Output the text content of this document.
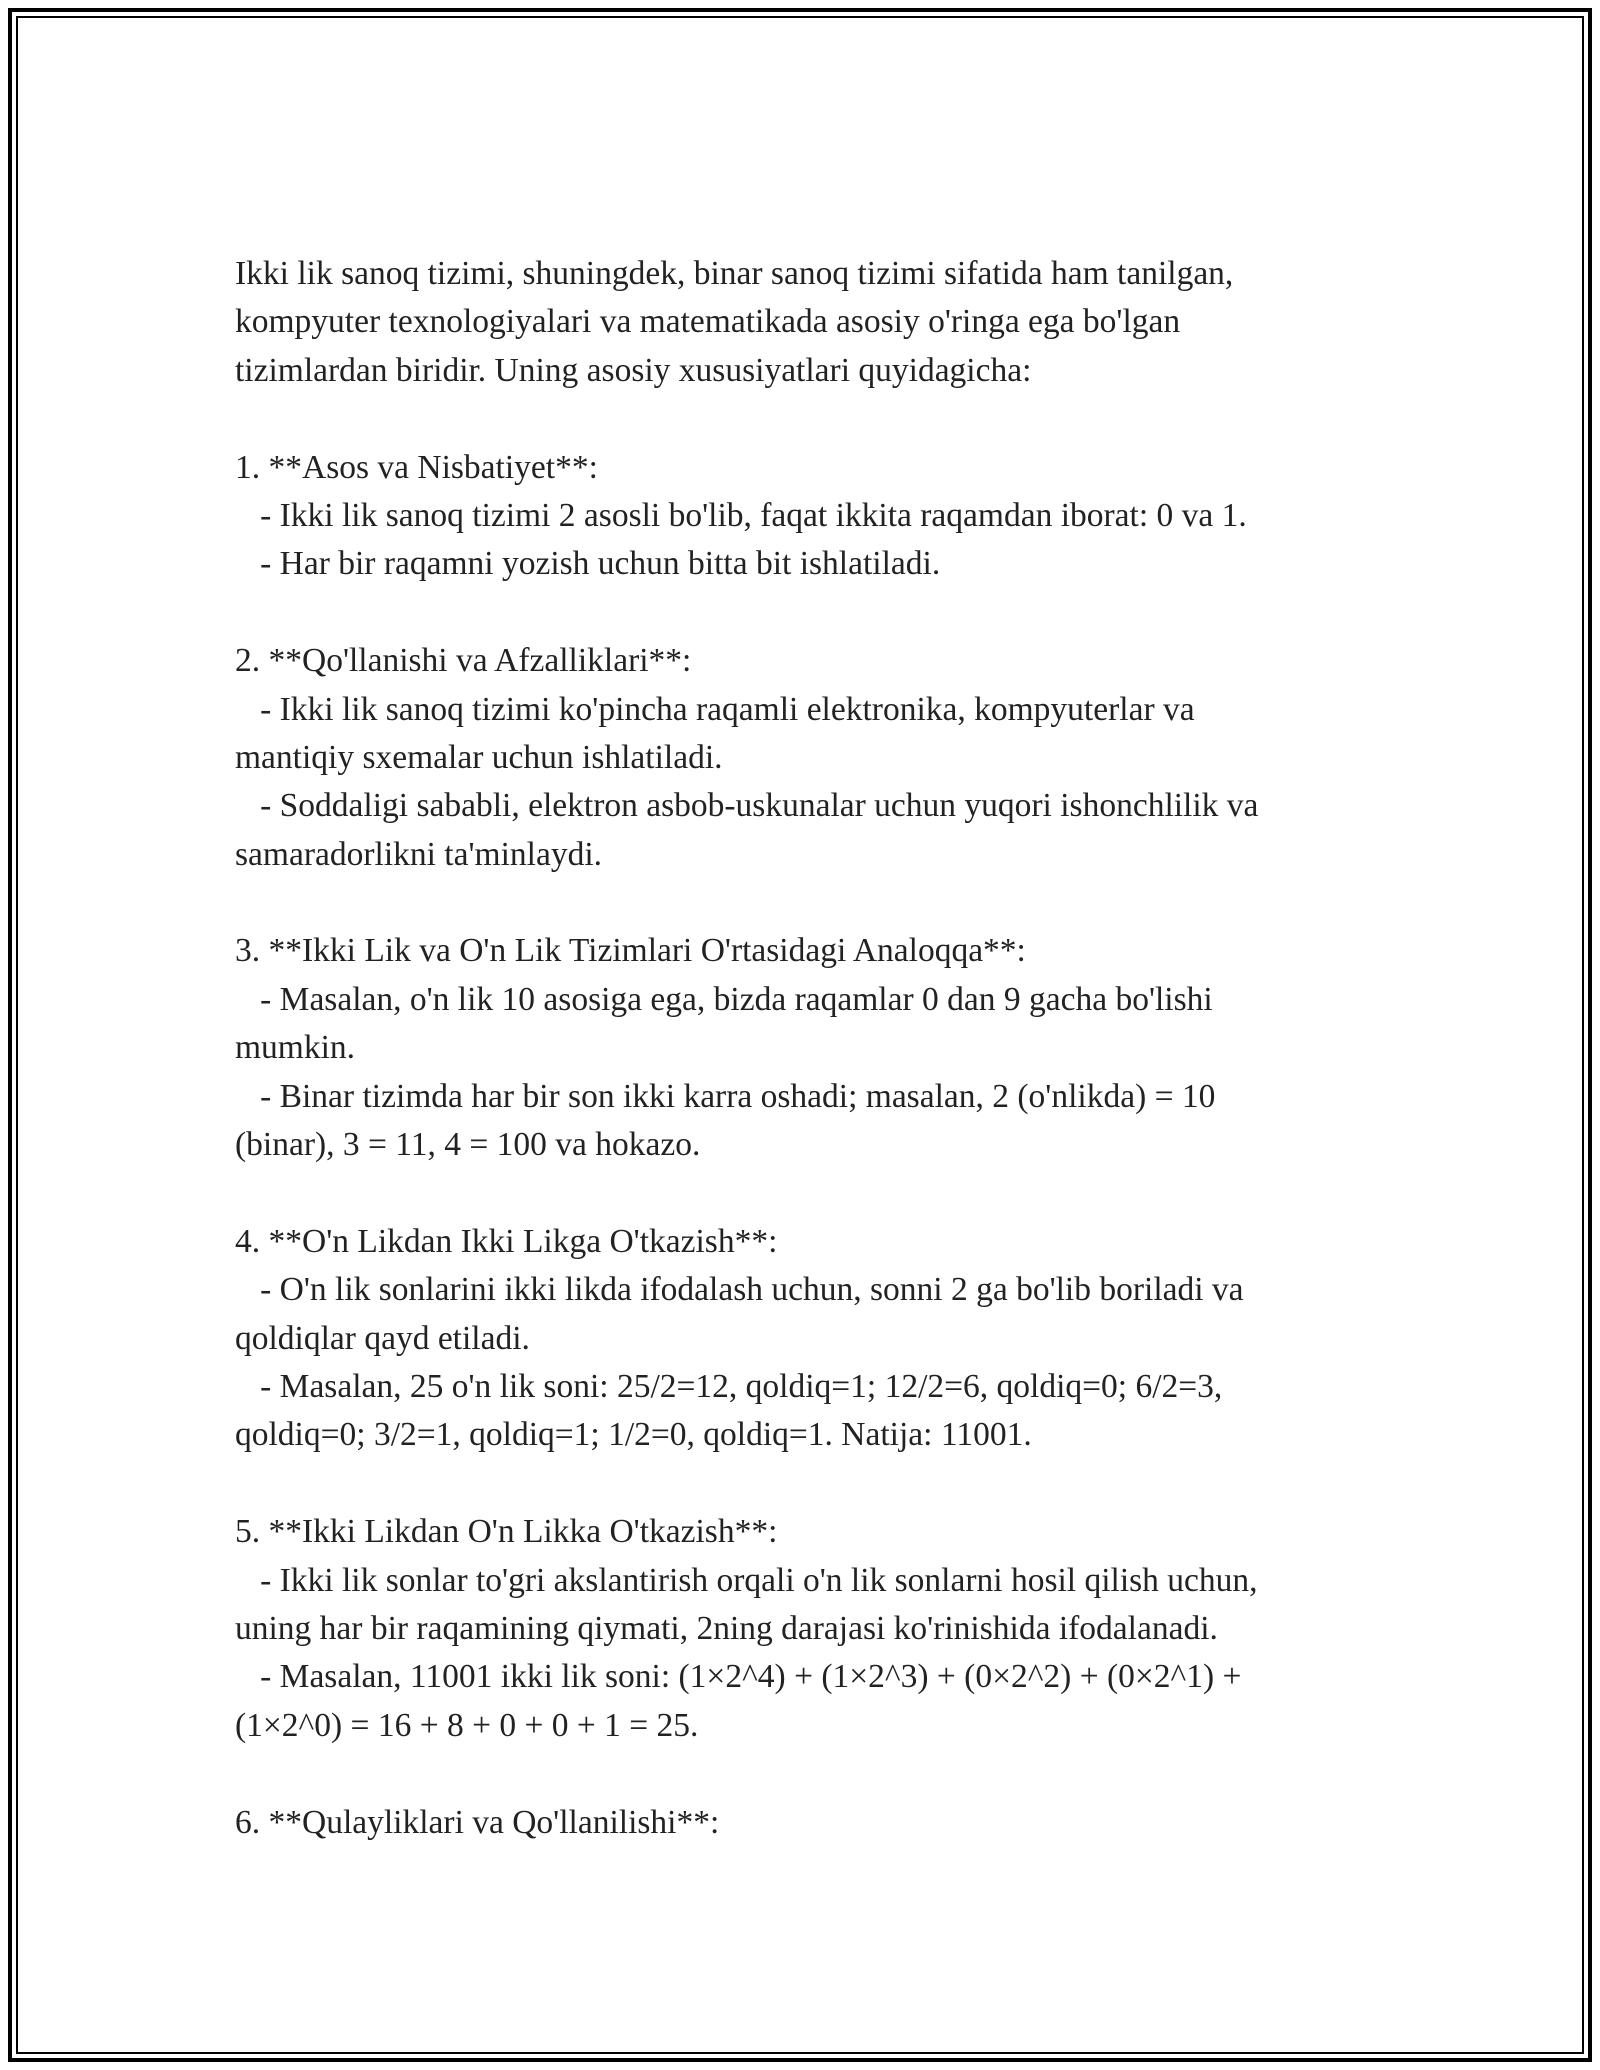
Ikki lik sanoq tizimi, shuningdek, binar sanoq tizimi sifatida ham tanilgan,
kompyuter texnologiyalari va matematikada asosiy o'ringa ega bo'lgan
tizimlardan biridir. Uning asosiy xususiyatlari quyidagicha:
1. **Asos va Nisbatiyet**:
- Ikki lik sanoq tizimi 2 asosli bo'lib, faqat ikkita raqamdan iborat: 0 va 1.
- Har bir raqamni yozish uchun bitta bit ishlatiladi.
2. **Qo'llanishi va Afzalliklari**:
- Ikki lik sanoq tizimi ko'pincha raqamli elektronika, kompyuterlar va
mantiqiy sxemalar uchun ishlatiladi.
- Soddaligi sababli, elektron asbob-uskunalar uchun yuqori ishonchlilik va
samaradorlikni ta'minlaydi.
3. **Ikki Lik va O'n Lik Tizimlari O'rtasidagi Analoqqa**:
- Masalan, o'n lik 10 asosiga ega, bizda raqamlar 0 dan 9 gacha bo'lishi
mumkin.
- Binar tizimda har bir son ikki karra oshadi; masalan, 2 (o'nlikda) = 10
(binar), 3 = 11, 4 = 100 va hokazo.
4. **O'n Likdan Ikki Likga O'tkazish**:
- O'n lik sonlarini ikki likda ifodalash uchun, sonni 2 ga bo'lib boriladi va
qoldiqlar qayd etiladi.
- Masalan, 25 o'n lik soni: 25/2=12, qoldiq=1; 12/2=6, qoldiq=0; 6/2=3,
qoldiq=0; 3/2=1, qoldiq=1; 1/2=0, qoldiq=1. Natija: 11001.
5. **Ikki Likdan O'n Likka O'tkazish**:
- Ikki lik sonlar to'gri akslantirish orqali o'n lik sonlarni hosil qilish uchun,
uning har bir raqamining qiymati, 2ning darajasi ko'rinishida ifodalanadi.
- Masalan, 11001 ikki lik soni: (1×2^4) + (1×2^3) + (0×2^2) + (0×2^1) +
(1×2^0) = 16 + 8 + 0 + 0 + 1 = 25.
6. **Qulayliklari va Qo'llanilishi**:
